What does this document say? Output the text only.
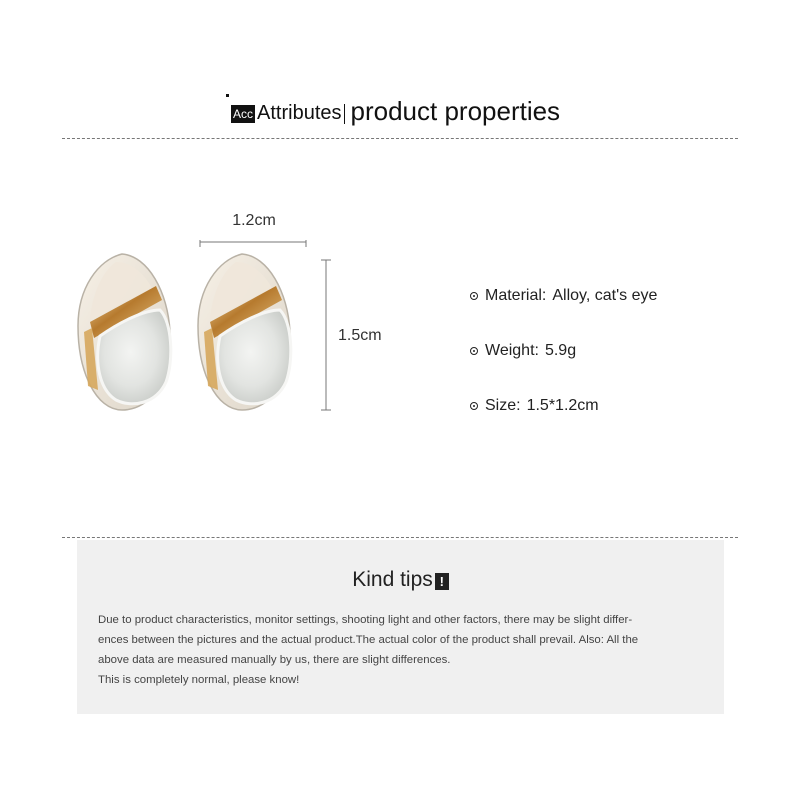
Acc Attributes product properties
1.2cm
1.5cm
Material: Alloy, cat's eye
Weight: 5.9g
Size: 1.5*1.2cm
Kind tips !

Due to product characteristics, monitor settings, shooting light and other factors, there may be slight differ-

ences between the pictures and the actual product.The actual color of the product shall prevail. Also: All the

above data are measured manually by us, there are slight differences.

This is completely normal, please know!
